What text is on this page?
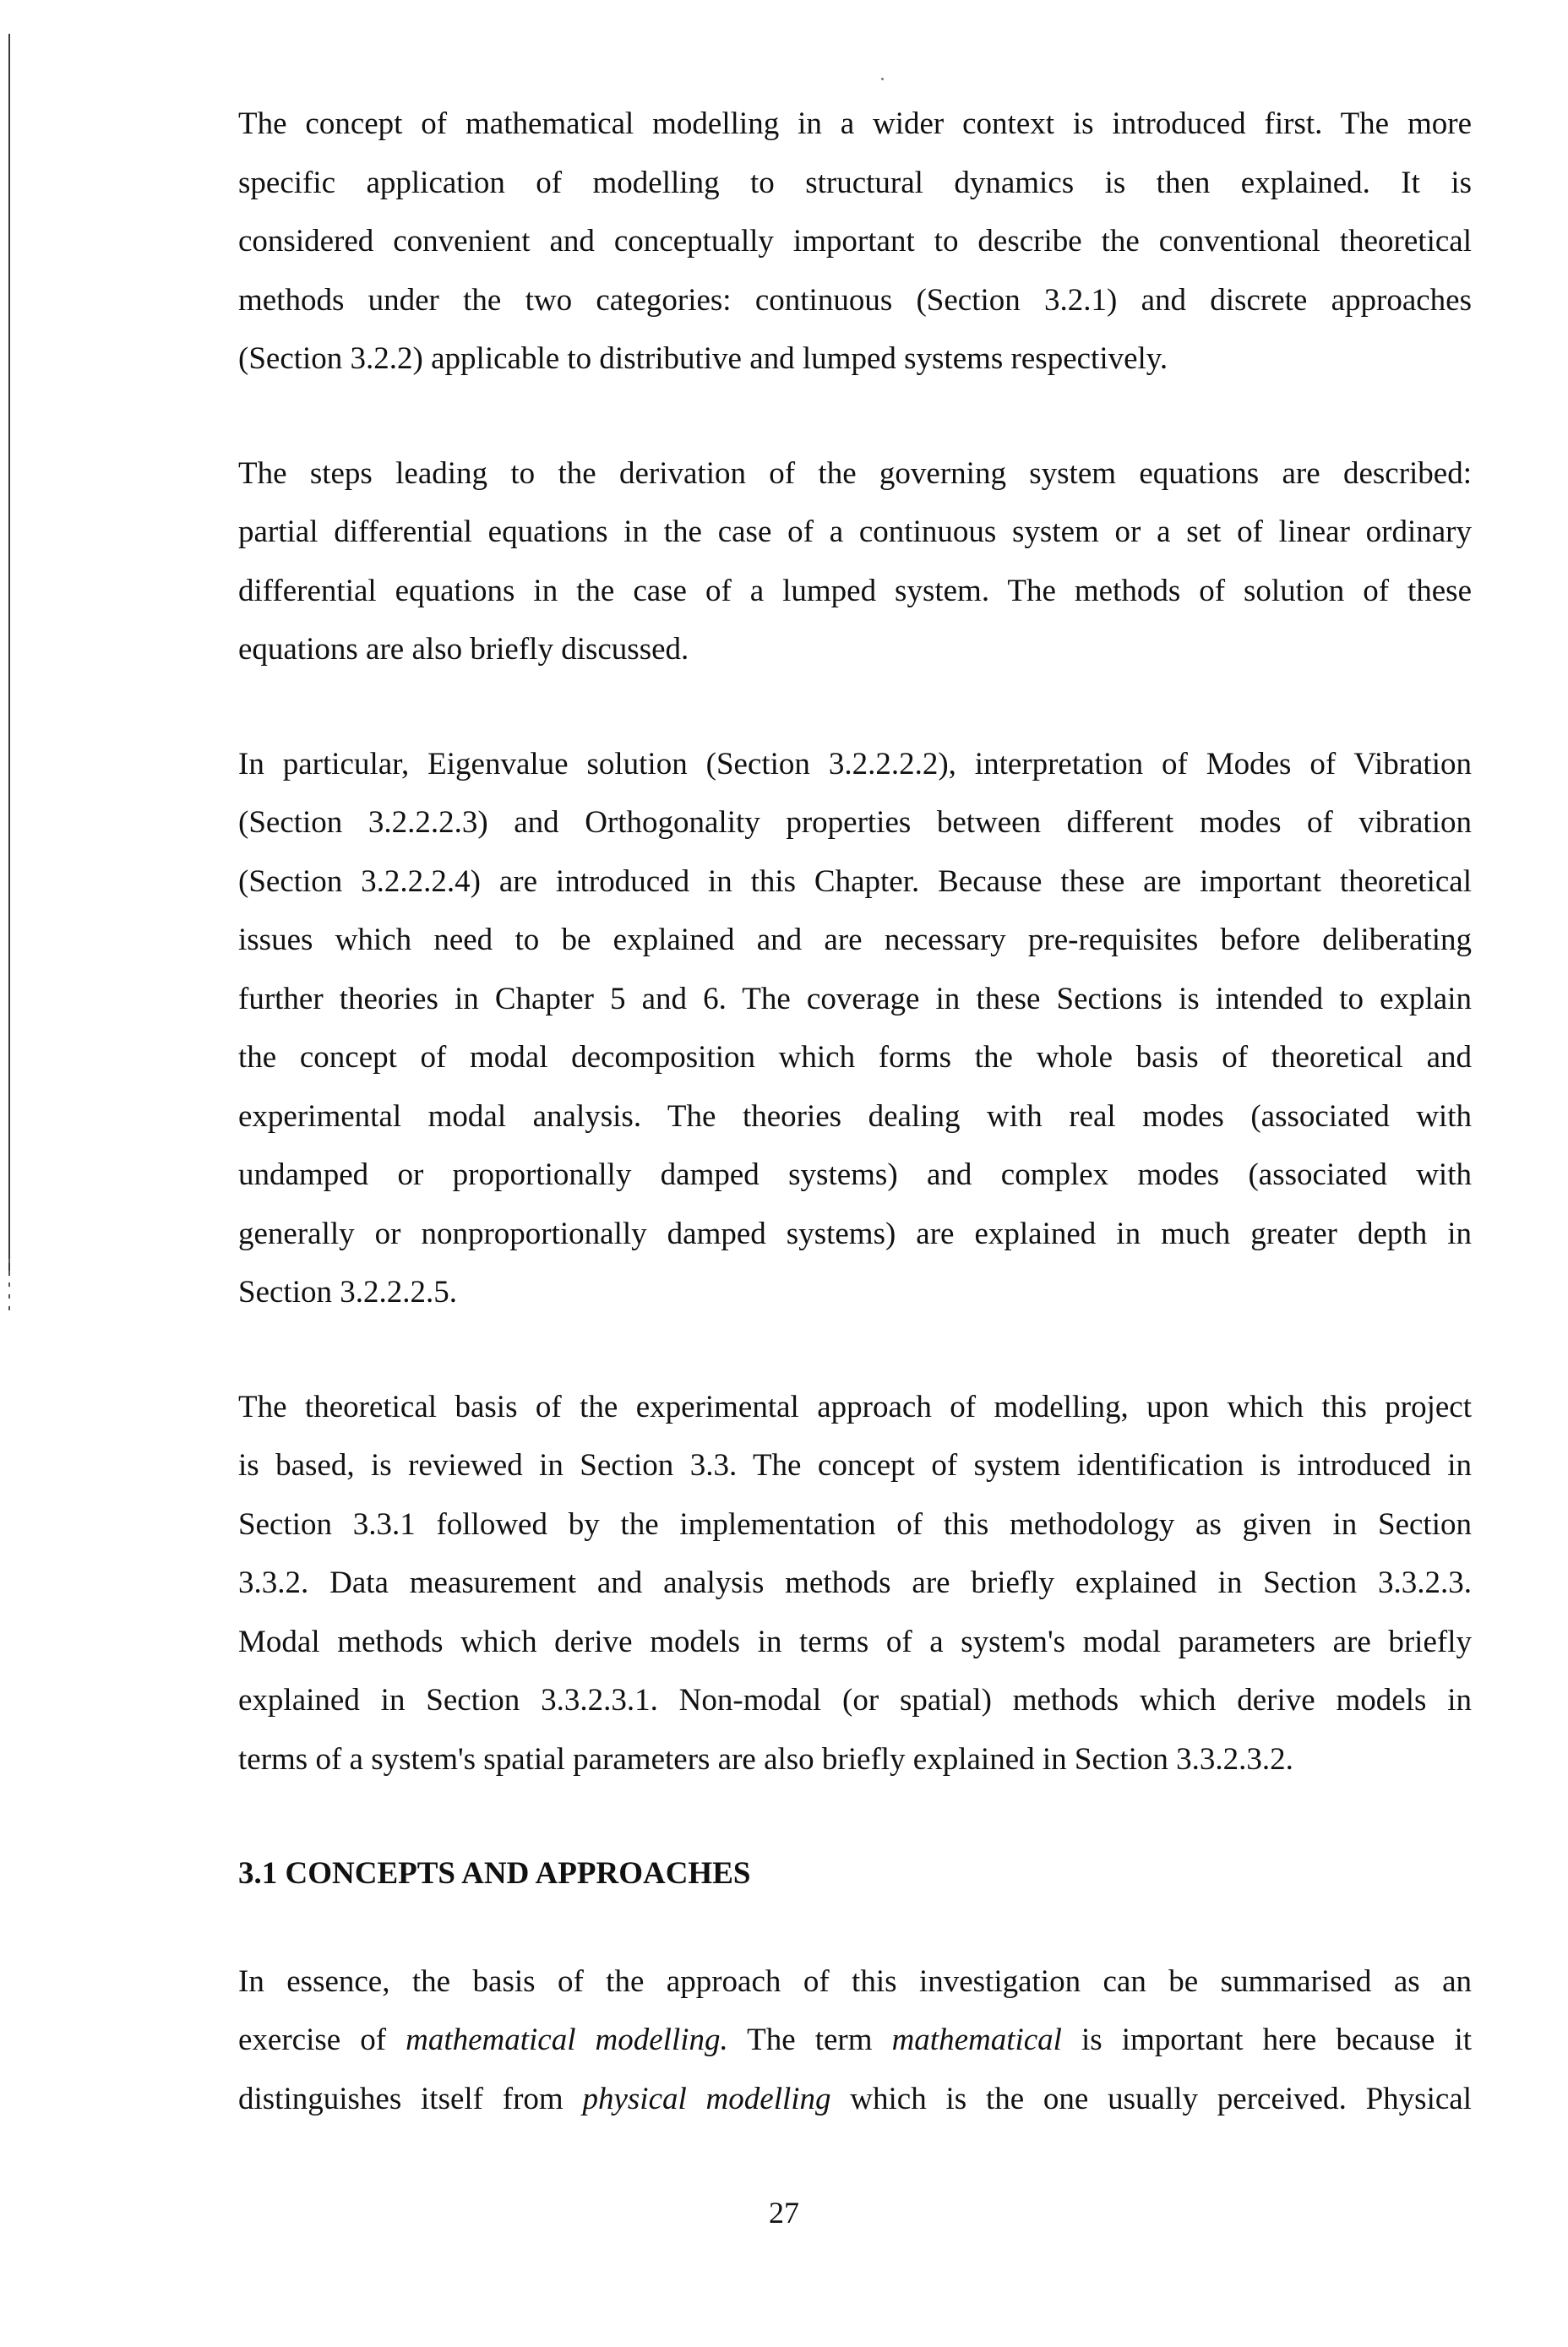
The concept of mathematical modelling in a wider context is introduced first. The more
specific application of modelling to structural dynamics is then explained. It is
considered convenient and conceptually important to describe the conventional theoretical
methods under the two categories: continuous (Section 3.2.1) and discrete approaches
(Section 3.2.2) applicable to distributive and lumped systems respectively.

The steps leading to the derivation of the governing system equations are described:
partial differential equations in the case of a continuous system or a set of linear ordinary
differential equations in the case of a lumped system. The methods of solution of these
equations are also briefly discussed.

In particular, Eigenvalue solution (Section 3.2.2.2.2), interpretation of Modes of Vibration
(Section 3.2.2.2.3) and Orthogonality properties between different modes of vibration
(Section 3.2.2.2.4) are introduced in this Chapter. Because these are important theoretical
issues which need to be explained and are necessary pre-requisites before deliberating
further theories in Chapter 5 and 6. The coverage in these Sections is intended to explain
the concept of modal decomposition which forms the whole basis of theoretical and
experimental modal analysis. The theories dealing with real modes (associated with
undamped or proportionally damped systems) and complex modes (associated with
generally or nonproportionally damped systems) are explained in much greater depth in
Section 3.2.2.2.5.

The theoretical basis of the experimental approach of modelling, upon which this project
is based, is reviewed in Section 3.3. The concept of system identification is introduced in
Section 3.3.1 followed by the implementation of this methodology as given in Section
3.3.2. Data measurement and analysis methods are briefly explained in Section 3.3.2.3.
Modal methods which derive models in terms of a system's modal parameters are briefly
explained in Section 3.3.2.3.1. Non-modal (or spatial) methods which derive models in
terms of a system's spatial parameters are also briefly explained in Section 3.3.2.3.2.

3.1 CONCEPTS AND APPROACHES

In essence, the basis of the approach of this investigation can be summarised as an
exercise of mathematical modelling. The term mathematical is important here because it
distinguishes itself from physical modelling which is the one usually perceived. Physical

27
